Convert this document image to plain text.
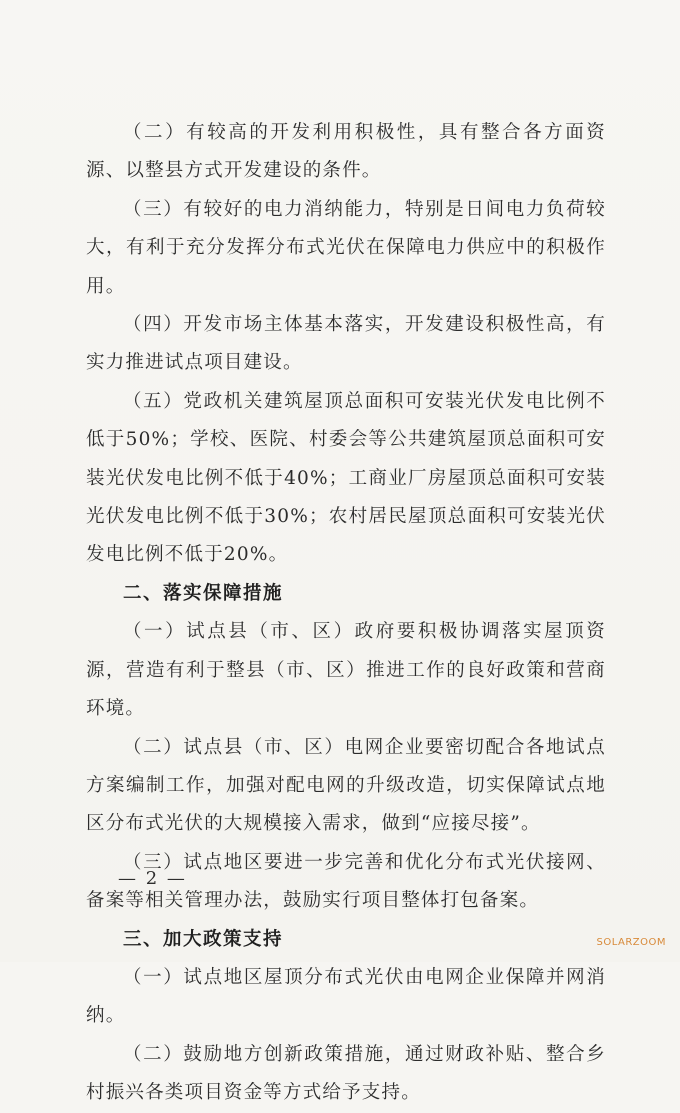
（二）有较高的开发利用积极性，具有整合各方面资源、以整县方式开发建设的条件。

（三）有较好的电力消纳能力，特别是日间电力负荷较大，有利于充分发挥分布式光伏在保障电力供应中的积极作用。

（四）开发市场主体基本落实，开发建设积极性高，有实力推进试点项目建设。

（五）党政机关建筑屋顶总面积可安装光伏发电比例不低于50%；学校、医院、村委会等公共建筑屋顶总面积可安装光伏发电比例不低于40%；工商业厂房屋顶总面积可安装光伏发电比例不低于30%；农村居民屋顶总面积可安装光伏发电比例不低于20%。

二、落实保障措施

（一）试点县（市、区）政府要积极协调落实屋顶资源，营造有利于整县（市、区）推进工作的良好政策和营商环境。

（二）试点县（市、区）电网企业要密切配合各地试点方案编制工作，加强对配电网的升级改造，切实保障试点地区分布式光伏的大规模接入需求，做到“应接尽接”。

（三）试点地区要进一步完善和优化分布式光伏接网、备案等相关管理办法，鼓励实行项目整体打包备案。

三、加大政策支持

（一）试点地区屋顶分布式光伏由电网企业保障并网消纳。

（二）鼓励地方创新政策措施，通过财政补贴、整合乡村振兴各类项目资金等方式给予支持。

— 2 —
SOLARZOOM
